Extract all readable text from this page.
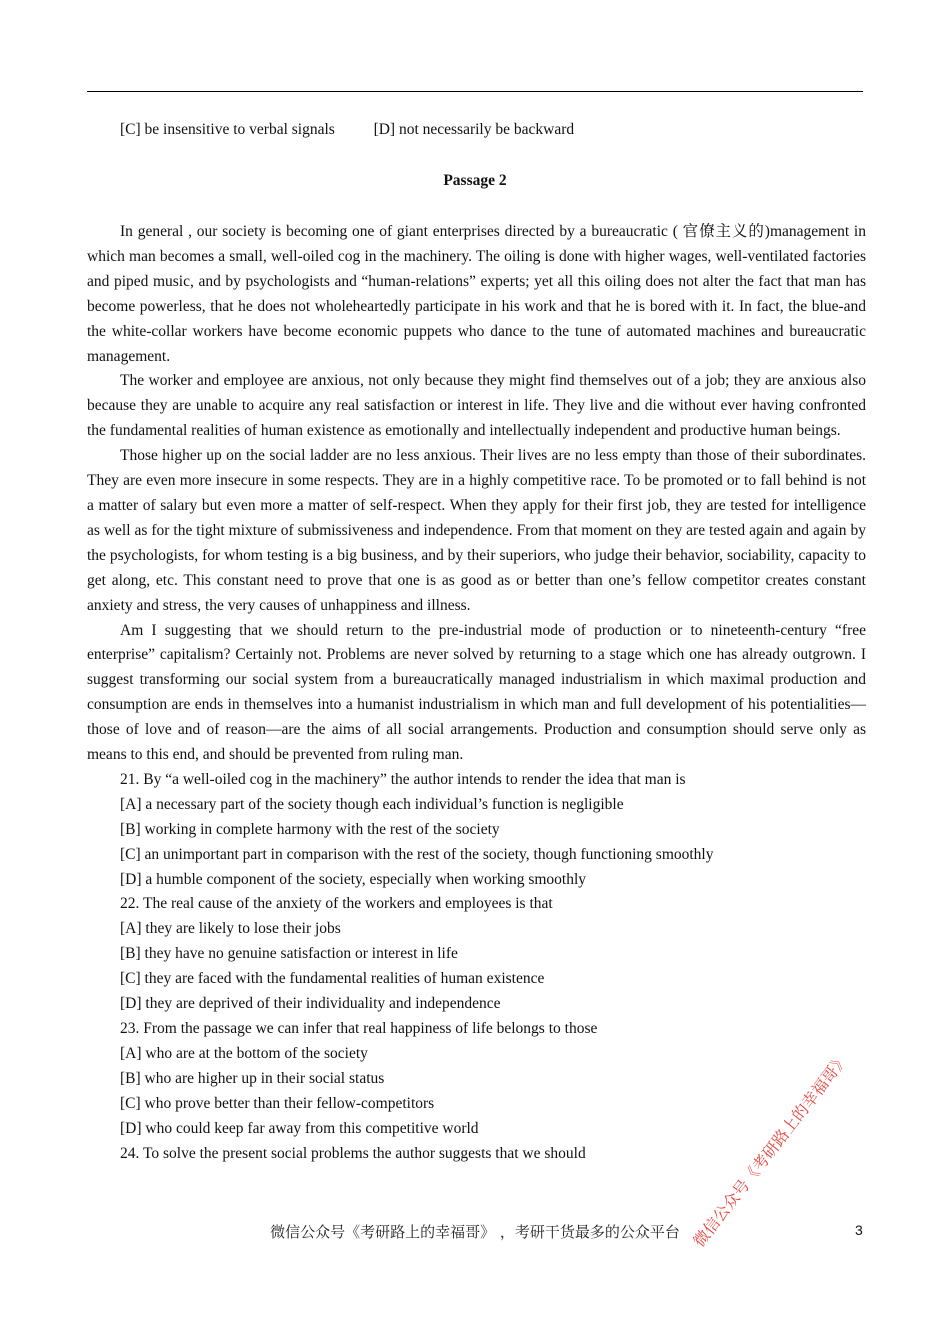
[C] be insensitive to verbal signals	[D] not necessarily be backward
Passage 2

In general , our society is becoming one of giant enterprises directed by a bureaucratic ( 官僚主义的)management in which man becomes a small, well-oiled cog in the machinery. The oiling is done with higher wages, well-ventilated factories and piped music, and by psychologists and “human-relations” experts; yet all this oiling does not alter the fact that man has become powerless, that he does not wholeheartedly participate in his work and that he is bored with it. In fact, the blue-and the white-collar workers have become economic puppets who dance to the tune of automated machines and bureaucratic management.

The worker and employee are anxious, not only because they might find themselves out of a job; they are anxious also because they are unable to acquire any real satisfaction or interest in life. They live and die without ever having confronted the fundamental realities of human existence as emotionally and intellectually independent and productive human beings.

Those higher up on the social ladder are no less anxious. Their lives are no less empty than those of their subordinates. They are even more insecure in some respects. They are in a highly competitive race. To be promoted or to fall behind is not a matter of salary but even more a matter of self-respect. When they apply for their first job, they are tested for intelligence as well as for the tight mixture of submissiveness and independence. From that moment on they are tested again and again by the psychologists, for whom testing is a big business, and by their superiors, who judge their behavior, sociability, capacity to get along, etc. This constant need to prove that one is as good as or better than one’s fellow competitor creates constant anxiety and stress, the very causes of unhappiness and illness.

Am I suggesting that we should return to the pre-industrial mode of production or to nineteenth-century “free enterprise” capitalism? Certainly not. Problems are never solved by returning to a stage which one has already outgrown. I suggest transforming our social system from a bureaucratically managed industrialism in which maximal production and consumption are ends in themselves into a humanist industrialism in which man and full development of his potentialities—those of love and of reason—are the aims of all social arrangements. Production and consumption should serve only as means to this end, and should be prevented from ruling man.

21. By “a well-oiled cog in the machinery” the author intends to render the idea that man is
[A] a necessary part of the society though each individual’s function is negligible
[B] working in complete harmony with the rest of the society
[C] an unimportant part in comparison with the rest of the society, though functioning smoothly
[D] a humble component of the society, especially when working smoothly
22. The real cause of the anxiety of the workers and employees is that
[A] they are likely to lose their jobs
[B] they have no genuine satisfaction or interest in life
[C] they are faced with the fundamental realities of human existence
[D] they are deprived of their individuality and independence
23. From the passage we can infer that real happiness of life belongs to those
[A] who are at the bottom of the society
[B] who are higher up in their social status
[C] who prove better than their fellow-competitors
[D] who could keep far away from this competitive world
24. To solve the present social problems the author suggests that we should
微信公众号《考研路上的幸福哥》 ，考研干货最多的公众平台	3
微信公众号《考研路上的幸福哥》
